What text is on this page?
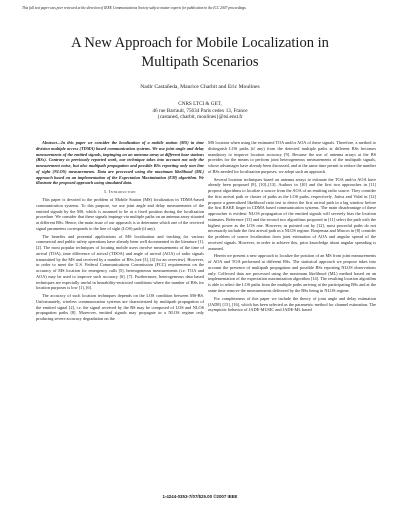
This full text paper was peer reviewed at the direction of IEEE Communications Society subject matter experts for publication in the ICC 2007 proceedings.
A New Approach for Mobile Localization in
Multipath Scenarios
Nadir Castañeda, Maurice Charbit and Eric Moulines
CNRS LTCI & GET,
46 rue Barrault, 75634 Paris cedex 13, France
{castaned, charbit, moulines}@tsi.enst.fr

Abstract—In this paper we consider the localization of a mobile station (MS) in time division multiple access (TDMA) based communication systems. We use joint angle and delay measurements of the emitted signals, impinging on an antenna array at different base stations (BSs). Contrary to previously reported work, our technique takes into account not only the measurement noise, but also multipath propagation and possible BSs reporting only non line of sight (NLOS) measurements. Data are processed using the maximum likelihood (ML) approach based on an implementation of the Expectation Maximization (EM) algorithm. We illustrate the proposed approach using simulated data.

I. Introduction

This paper is devoted to the problem of Mobile Station (MS) localization in TDMA-based communication systems. To this purpose, we use joint angle and delay measurements of the emitted signals by the MS, which is assumed to be at a fixed position during the localization procedure. We consider that these signals impinge via multiple paths on an antenna array situated at different BSs. Hence, the main issue of our approach is to determine which one of the received signal parameters corresponds to the line of sight (LOS) path (if any).

The benefits and potential applications of MS localization and tracking for various commercial and public safety operations have already been well documented in the literature [1], [2]. The most popular techniques of locating mobile users involve measurements of the time of arrival (TOA), time difference of arrival (TDOA) and angle of arrival (AOA) of radio signals transmitted by the MS and received by a number of BSs (see [3], [4] for an overview). However, in order to meet the U.S. Federal Communications Commission (FCC) requirements on the accuracy of MS location for emergency calls [5], heterogeneous measurements (i.e. TOA and AOA) may be used to improve such accuracy [6], [7]. Furthermore, heterogeneous data based techniques are especially useful in hearability-restricted conditions where the number of BSs for location purposes is low [1], [6].

The accuracy of such location techniques depends on the LOS condition between MS-BS. Unfortunately, wireless communication systems are characterized by multipath propagation of the emitted signal [2], i.e. the signal received by the BS may be composed of LOS and NLOS propagation paths [8]. Moreover, emitted signals may propagate in a NLOS regime only producing severe accuracy degradation on the

MS location when using the estimated TOA and/or AOA of these signals. Therefore, a method to distinguish LOS paths (if any) from the detected multiple paths at different BSs becomes mandatory to improve location accuracy [9]. Because the use of antenna arrays at the BS provides for the means to perform joint heterogeneous measurements of the multipath signals, whose advantages have already been discussed, and at the same time permit to reduce the number of BSs needed for localization purposes, we adopt such an approach.

Several location techniques based on antenna arrays to estimate the TOA and/or AOA have already been proposed [8], [10]–[13]. Authors in [10] and the first two approaches in [11] propose algorithms to localize a source from the AOA of an emitting radio source. They consider the first arrival path or cluster of paths as the LOS paths, respectively. Jativa and Vidal in [12] propose a generalized likelihood ratio test to detect the first arrival path in a lag window before the first RAKE finger in CDMA based communication systems. The main disadvantage of these approaches is evident: NLOS propagation of the emitted signals will severely bias the location estimates. Reference [13] and the second two algorithms proposed in [11] select the path with the highest power as the LOS one. However, as pointed out by [12], most powerful paths do not necessarily include the first arrival path in a NLOS regime. Boujemaa and Marcos in [8] consider the problem of source localization from joint estimation of AOA and angular spread of the received signals. However, in order to achieve this, prior knowledge about angular spreading is assumed.

Herein we present a new approach to localize the position of an MS from joint measurements of AOA and TOA performed at different BSs. The statistical approach we propose takes into account the presence of multipath propagation and possible BSs reporting NLOS observations only. Collected data are processed using the maximum likelihood (ML) method based on an implementation of the expectation maximization algorithm [14]. The resulting location algorithm is able to select the LOS paths from the multiple paths arriving at the participating BSs and at the same time remove the measurements delivered by the BSs being in NLOS regime.

For completeness of this paper we include the theory of joint angle and delay estimation (JADE) [15], [16], which has been selected as the parametric method for channel estimation. The asymptotic behavior of JADE-MUSIC and JADE-ML based

1-4244-0353-7/07/$25.00 ©2007 IEEE
